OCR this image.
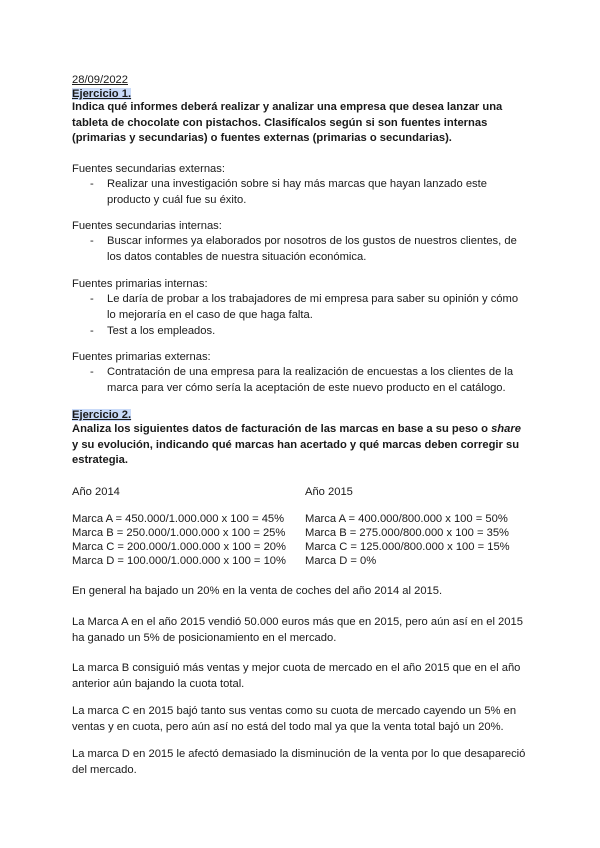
28/09/2022
Ejercicio 1.

Indica qué informes deberá realizar y analizar una empresa que desea lanzar una tableta de chocolate con pistachos. Clasifícalos según si son fuentes internas (primarias y secundarias) o fuentes externas (primarias o secundarias).

Fuentes secundarias externas:

- Realizar una investigación sobre si hay más marcas que hayan lanzado este producto y cuál fue su éxito.

Fuentes secundarias internas:

- Buscar informes ya elaborados por nosotros de los gustos de nuestros clientes, de los datos contables de nuestra situación económica.

Fuentes primarias internas:

- Le daría de probar a los trabajadores de mi empresa para saber su opinión y cómo lo mejoraría en el caso de que haga falta.
- Test a los empleados.

Fuentes primarias externas:

- Contratación de una empresa para la realización de encuestas a los clientes de la marca para ver cómo sería la aceptación de este nuevo producto en el catálogo.
Ejercicio 2.

Analiza los siguientes datos de facturación de las marcas en base a su peso o share y su evolución, indicando qué marcas han acertado y qué marcas deben corregir su estrategia.

Año 2014

Marca A = 450.000/1.000.000 x 100 = 45%

Marca B = 250.000/1.000.000 x 100 = 25%

Marca C = 200.000/1.000.000 x 100 = 20%

Marca D = 100.000/1.000.000 x 100 = 10%

Año 2015

Marca A = 400.000/800.000 x 100 = 50%

Marca B = 275.000/800.000 x 100 = 35%

Marca C = 125.000/800.000 x 100 = 15%

Marca D = 0%

En general ha bajado un 20% en la venta de coches del año 2014 al 2015.

La Marca A en el año 2015 vendió 50.000 euros más que en 2015, pero aún así en el 2015 ha ganado un 5% de posicionamiento en el mercado.

La marca B consiguió más ventas y mejor cuota de mercado en el año 2015 que en el año anterior aún bajando la cuota total.

La marca C en 2015 bajó tanto sus ventas como su cuota de mercado cayendo un 5% en ventas y en cuota, pero aún así no está del todo mal ya que la venta total bajó un 20%.

La marca D en 2015 le afectó demasiado la disminución de la venta por lo que desapareció del mercado.
